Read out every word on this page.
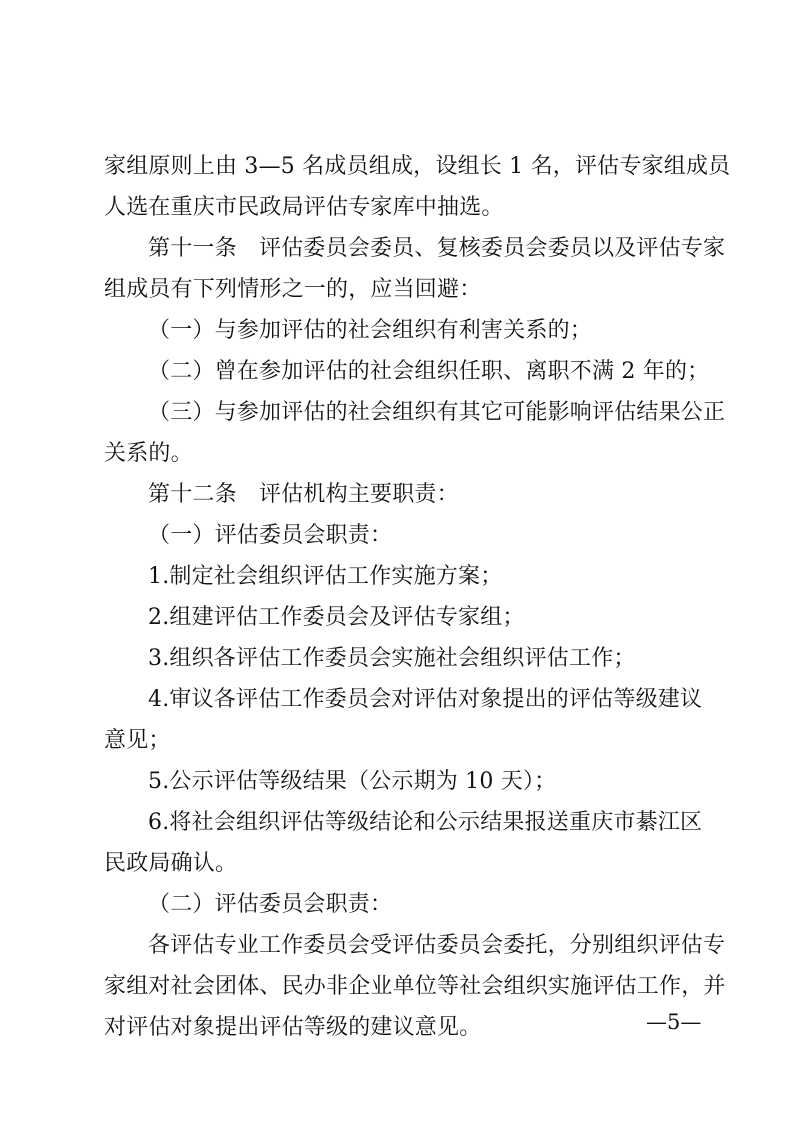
家组原则上由 3—5 名成员组成，设组长 1 名，评估专家组成员
人选在重庆市民政局评估专家库中抽选。
第十一条　评估委员会委员、复核委员会委员以及评估专家
组成员有下列情形之一的，应当回避：
（一）与参加评估的社会组织有利害关系的；
（二）曾在参加评估的社会组织任职、离职不满 2 年的；
（三）与参加评估的社会组织有其它可能影响评估结果公正
关系的。
第十二条　评估机构主要职责：
（一）评估委员会职责：
1.制定社会组织评估工作实施方案；
2.组建评估工作委员会及评估专家组；
3.组织各评估工作委员会实施社会组织评估工作；
4.审议各评估工作委员会对评估对象提出的评估等级建议
意见；
5.公示评估等级结果（公示期为 10 天）；
6.将社会组织评估等级结论和公示结果报送重庆市綦江区
民政局确认。
（二）评估委员会职责：
各评估专业工作委员会受评估委员会委托，分别组织评估专
家组对社会团体、民办非企业单位等社会组织实施评估工作，并
对评估对象提出评估等级的建议意见。	—5—
